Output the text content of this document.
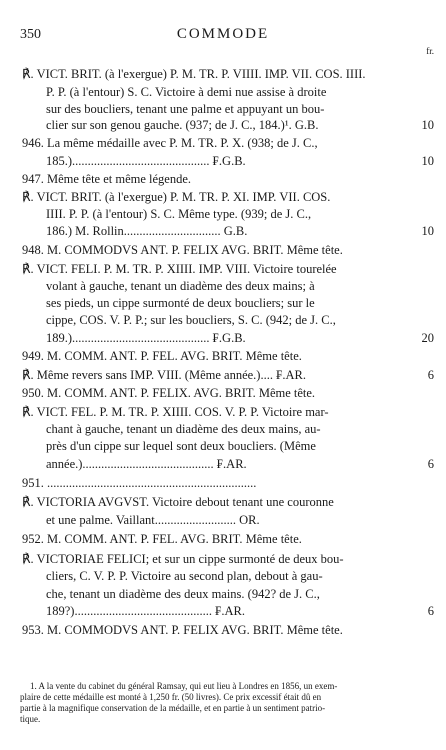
350	COMMODE
fr.
℟. VICT. BRIT. (à l'exergue) P. M. TR. P. VIIII. IMP. VII. COS. IIII.
P. P. (à l'entour) S. C. Victoire à demi nue assise à droite
sur des boucliers, tenant une palme et appuyant un bou-
clier sur son genou gauche. (937; de J. C., 184.)¹. G.B.	10
946. La même médaille avec P. M. TR. P. X. (938; de J. C.,
185.)............................................ ₣.G.B.	10
947. Même tête et même légende.
℟. VICT. BRIT. (à l'exergue) P. M. TR. P. XI. IMP. VII. COS.
IIII. P. P. (à l'entour) S. C. Même type. (939; de J. C.,
186.) M. Rollin............................... G.B.	10
948. M. COMMODVS ANT. P. FELIX AVG. BRIT. Même tête.
℟. VICT. FELI. P. M. TR. P. XIIII. IMP. VIII. Victoire tourelée
volant à gauche, tenant un diadème des deux mains; à
ses pieds, un cippe surmonté de deux boucliers; sur le
cippe, COS. V. P. P.; sur les boucliers, S. C. (942; de J. C.,
189.)............................................ ₣.G.B.	20
949. M. COMM. ANT. P. FEL. AVG. BRIT. Même tête.
℟. Même revers sans IMP. VIII. (Même année.).... ₣.AR.	6
950. M. COMM. ANT. P. FELIX. AVG. BRIT. Même tête.
℟. VICT. FEL. P. M. TR. P. XIIII. COS. V. P. P. Victoire mar-
chant à gauche, tenant un diadème des deux mains, au-
près d'un cippe sur lequel sont deux boucliers. (Même
année.).......................................... ₣.AR.	6
951. ...................................................................
℟. VICTORIA AVGVST. Victoire debout tenant une couronne
et une palme. Vaillant.......................... OR.
952. M. COMM. ANT. P. FEL. AVG. BRIT. Même tête.
℟. VICTORIAE FELICI; et sur un cippe surmonté de deux bou-
cliers, C. V. P. P. Victoire au second plan, debout à gau-
che, tenant un diadème des deux mains. (942? de J. C.,
189?)............................................ ₣.AR.	6
953. M. COMMODVS ANT. P. FELIX AVG. BRIT. Même tête.
1. A la vente du cabinet du général Ramsay, qui eut lieu à Londres en 1856, un exem-
plaire de cette médaille est monté à 1,250 fr. (50 livres). Ce prix excessif était dû en
partie à la magnifique conservation de la médaille, et en partie à un sentiment patrio-
tique.
